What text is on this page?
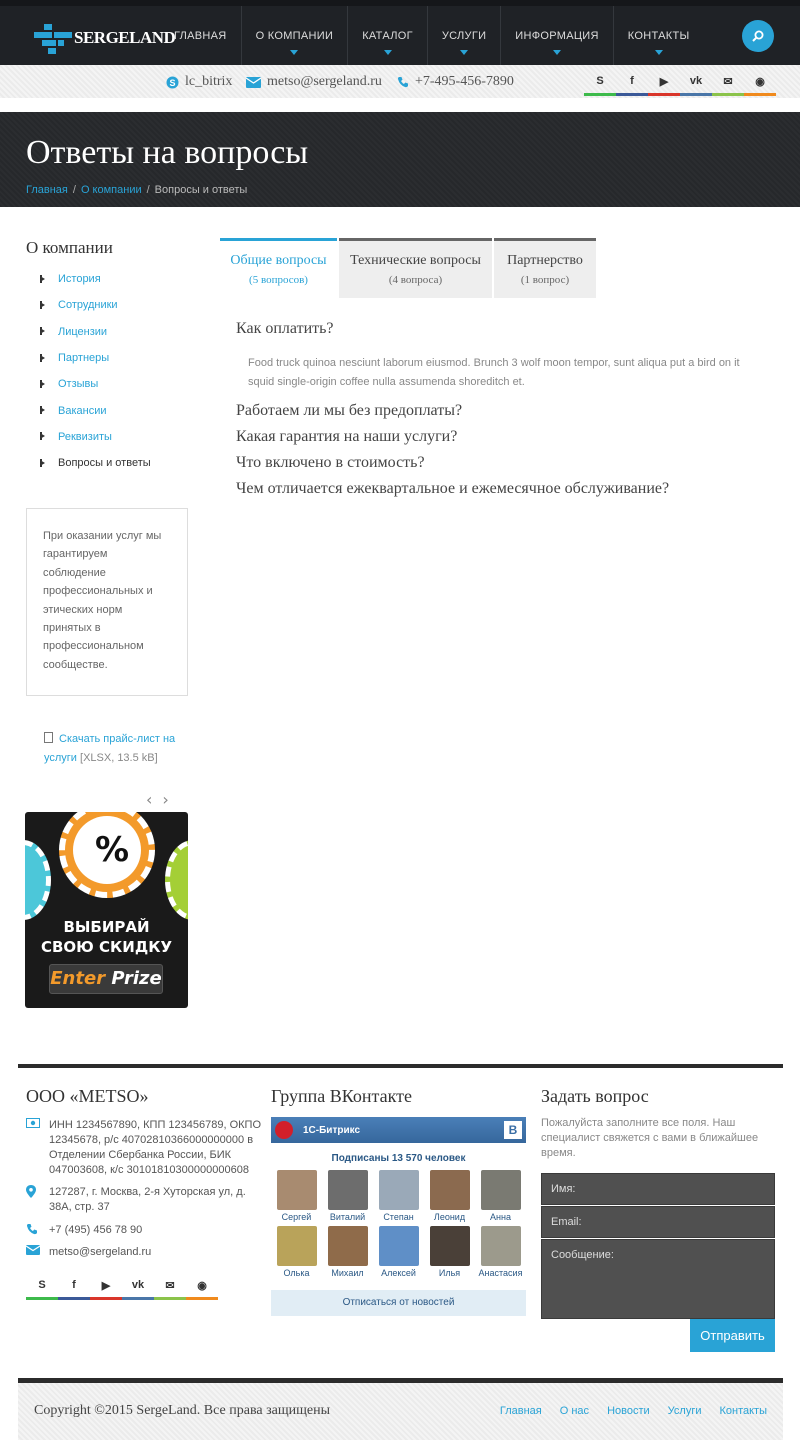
SERGELAND
ГЛАВНАЯ	О КОМПАНИИ	КАТАЛОГ	УСЛУГИ	ИНФОРМАЦИЯ	КОНТАКТЫ
S lc_bitrix metso@sergeland.ru +7-495-456-7890	S f ▶ vk ✉ ◉
Ответы на вопросы
Главная / О компании / Вопросы и ответы
О компании
История
Сотрудники
Лицензии
Партнеры
Отзывы
Вакансии
Реквизиты
Вопросы и ответы
При оказании услуг мы гарантируем соблюдение профессиональных и этических норм принятых в профессиональном сообществе.
Скачать прайс-лист на услуги [XLSX, 13.5 kB]
‹ ›
%
ВЫБИРАЙ
СВОЮ СКИДКУ
Enter Prize
Общие вопросы
(5 вопросов)
Технические вопросы
(4 вопроса)
Партнерство
(1 вопрос)
Как оплатить?
Food truck quinoa nesciunt laborum eiusmod. Brunch 3 wolf moon tempor, sunt aliqua put a bird on it squid single-origin coffee nulla assumenda shoreditch et.
Работаем ли мы без предоплаты?
Какая гарантия на наши услуги?
Что включено в стоимость?
Чем отличается ежеквартальное и ежемесячное обслуживание?
ООО «METSO»
ИНН 1234567890, КПП 123456789, ОКПО 12345678, р/с 40702810366000000000 в Отделении Сбербанка России, БИК 047003608, к/с 30101810300000000608
127287, г. Москва, 2-я Хуторская ул, д. 38А, стр. 37
+7 (495) 456 78 90
metso@sergeland.ru
S f ▶ vk ✉ ◉
Группа ВКонтакте
1С-Битрикс	B
Подписаны 13 570 человек
Сергей	Виталий	Степан	Леонид	Анна
Олька	Михаил	Алексей	Илья	Анастасия
Отписаться от новостей
Задать вопрос
Пожалуйста заполните все поля. Наш специалист свяжется с вами в ближайшее время.
Имя:
Email:
Сообщение:
Отправить
Copyright ©2015 SergeLand. Все права защищены	Главная О нас Новости Услуги Контакты
